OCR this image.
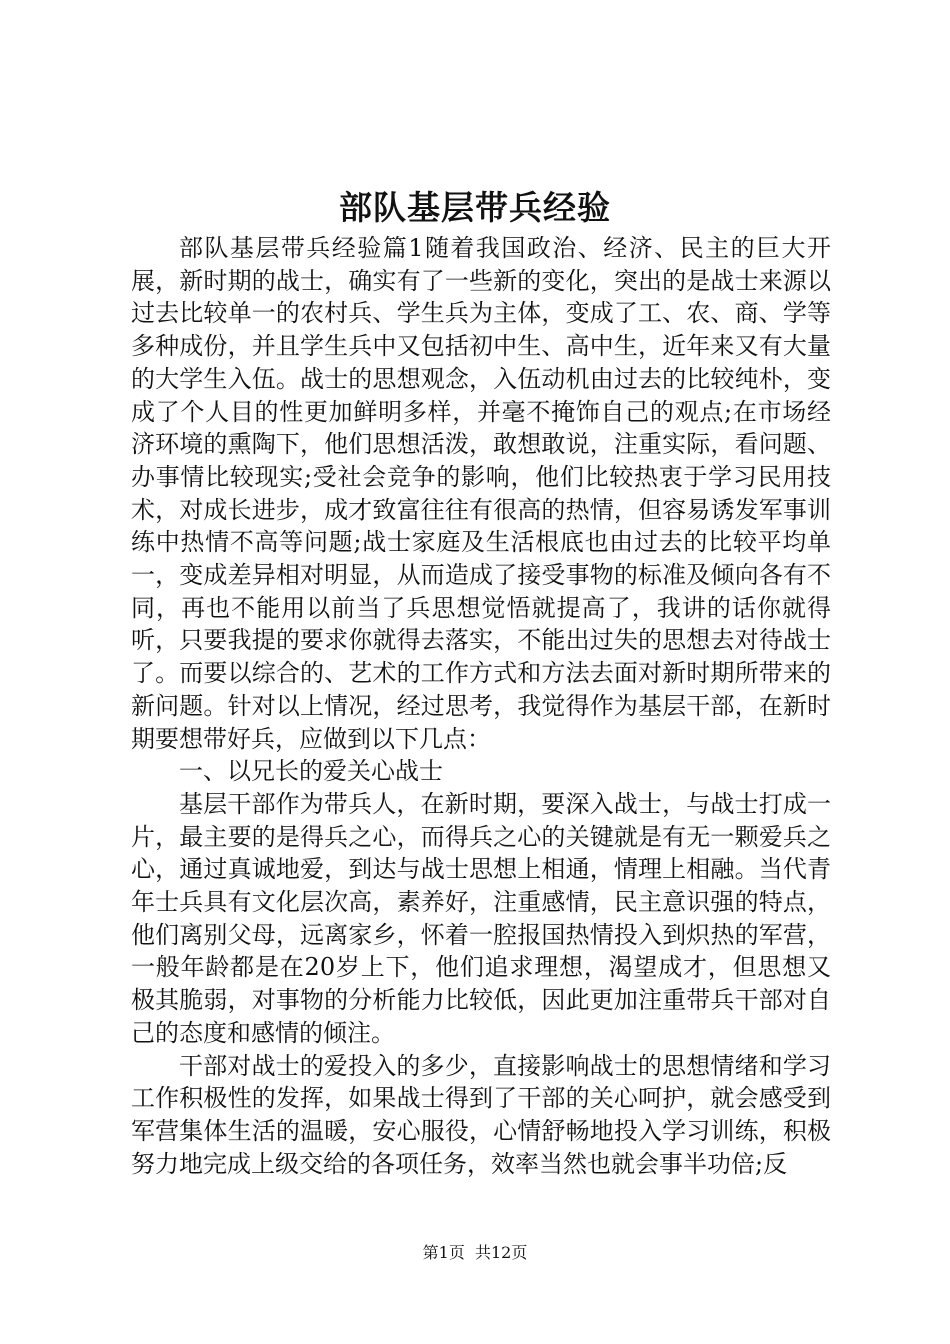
部队基层带兵经验

部队基层带兵经验篇1随着我国政治、经济、民主的巨大开展，新时期的战士，确实有了一些新的变化，突出的是战士来源以过去比较单一的农村兵、学生兵为主体，变成了工、农、商、学等多种成份，并且学生兵中又包括初中生、高中生，近年来又有大量的大学生入伍。战士的思想观念，入伍动机由过去的比较纯朴，变成了个人目的性更加鲜明多样，并毫不掩饰自己的观点;在市场经济环境的熏陶下，他们思想活泼，敢想敢说，注重实际，看问题、办事情比较现实;受社会竞争的影响，他们比较热衷于学习民用技术，对成长进步，成才致富往往有很高的热情，但容易诱发军事训练中热情不高等问题;战士家庭及生活根底也由过去的比较平均单一，变成差异相对明显，从而造成了接受事物的标准及倾向各有不同，再也不能用以前当了兵思想觉悟就提高了，我讲的话你就得听，只要我提的要求你就得去落实，不能出过失的思想去对待战士了。而要以综合的、艺术的工作方式和方法去面对新时期所带来的新问题。针对以上情况，经过思考，我觉得作为基层干部，在新时期要想带好兵，应做到以下几点：

一、以兄长的爱关心战士

基层干部作为带兵人，在新时期，要深入战士，与战士打成一片，最主要的是得兵之心，而得兵之心的关键就是有无一颗爱兵之心，通过真诚地爱，到达与战士思想上相通，情理上相融。当代青年士兵具有文化层次高，素养好，注重感情，民主意识强的特点，他们离别父母，远离家乡，怀着一腔报国热情投入到炽热的军营，一般年龄都是在20岁上下，他们追求理想，渴望成才，但思想又极其脆弱，对事物的分析能力比较低，因此更加注重带兵干部对自己的态度和感情的倾注。

干部对战士的爱投入的多少，直接影响战士的思想情绪和学习工作积极性的发挥，如果战士得到了干部的关心呵护，就会感受到军营集体生活的温暖，安心服役，心情舒畅地投入学习训练，积极努力地完成上级交给的各项任务，效率当然也就会事半功倍;反

第1页  共12页
